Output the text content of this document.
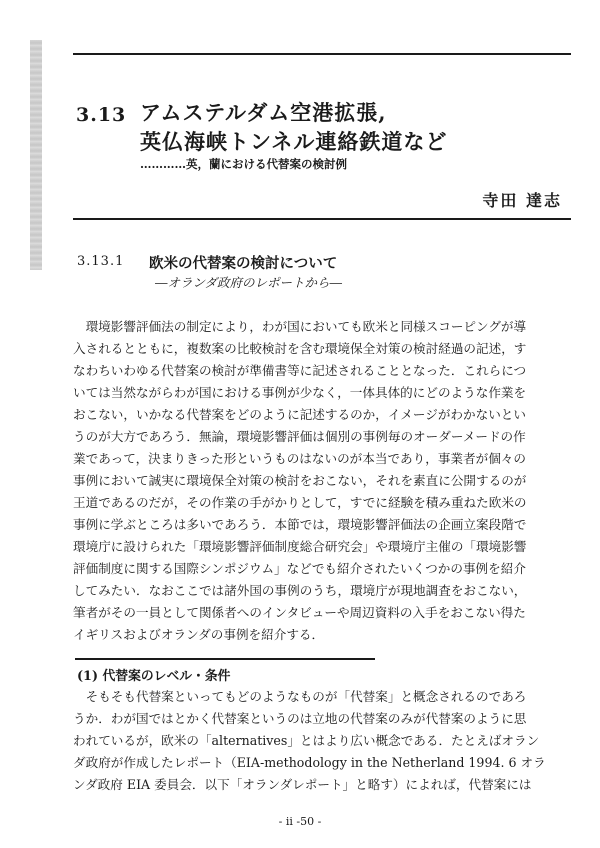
3.13 アムステルダム空港拡張,
英仏海峡トンネル連絡鉄道など
…………英，蘭における代替案の検討例
寺田 達志
3.13.1 欧米の代替案の検討について
―オランダ政府のレポートから―
　環境影響評価法の制定により，わが国においても欧米と同様スコーピングが導
入されるとともに，複数案の比較検討を含む環境保全対策の検討経過の記述，す
なわちいわゆる代替案の検討が準備書等に記述されることとなった．これらにつ
いては当然ながらわが国における事例が少なく，一体具体的にどのような作業を
おこない，いかなる代替案をどのように記述するのか，イメージがわかないとい
うのが大方であろう．無論，環境影響評価は個別の事例毎のオーダーメードの作
業であって，決まりきった形というものはないのが本当であり，事業者が個々の
事例において誠実に環境保全対策の検討をおこない，それを素直に公開するのが
王道であるのだが，その作業の手がかりとして，すでに経験を積み重ねた欧米の
事例に学ぶところは多いであろう．本節では，環境影響評価法の企画立案段階で
環境庁に設けられた「環境影響評価制度総合研究会」や環境庁主催の「環境影響
評価制度に関する国際シンポジウム」などでも紹介されたいくつかの事例を紹介
してみたい．なおここでは諸外国の事例のうち，環境庁が現地調査をおこない，
筆者がその一員として関係者へのインタビューや周辺資料の入手をおこない得た
イギリスおよびオランダの事例を紹介する．
(1) 代替案のレベル・条件
　そもそも代替案といってもどのようなものが「代替案」と概念されるのであろ
うか．わが国ではとかく代替案というのは立地の代替案のみが代替案のように思
われているが，欧米の「alternatives」とはより広い概念である．たとえばオラン
ダ政府が作成したレポート（EIA-methodology in the Netherland 1994. 6 オラ
ンダ政府 EIA 委員会．以下「オランダレポート」と略す）によれば，代替案には
- ii -50 -
